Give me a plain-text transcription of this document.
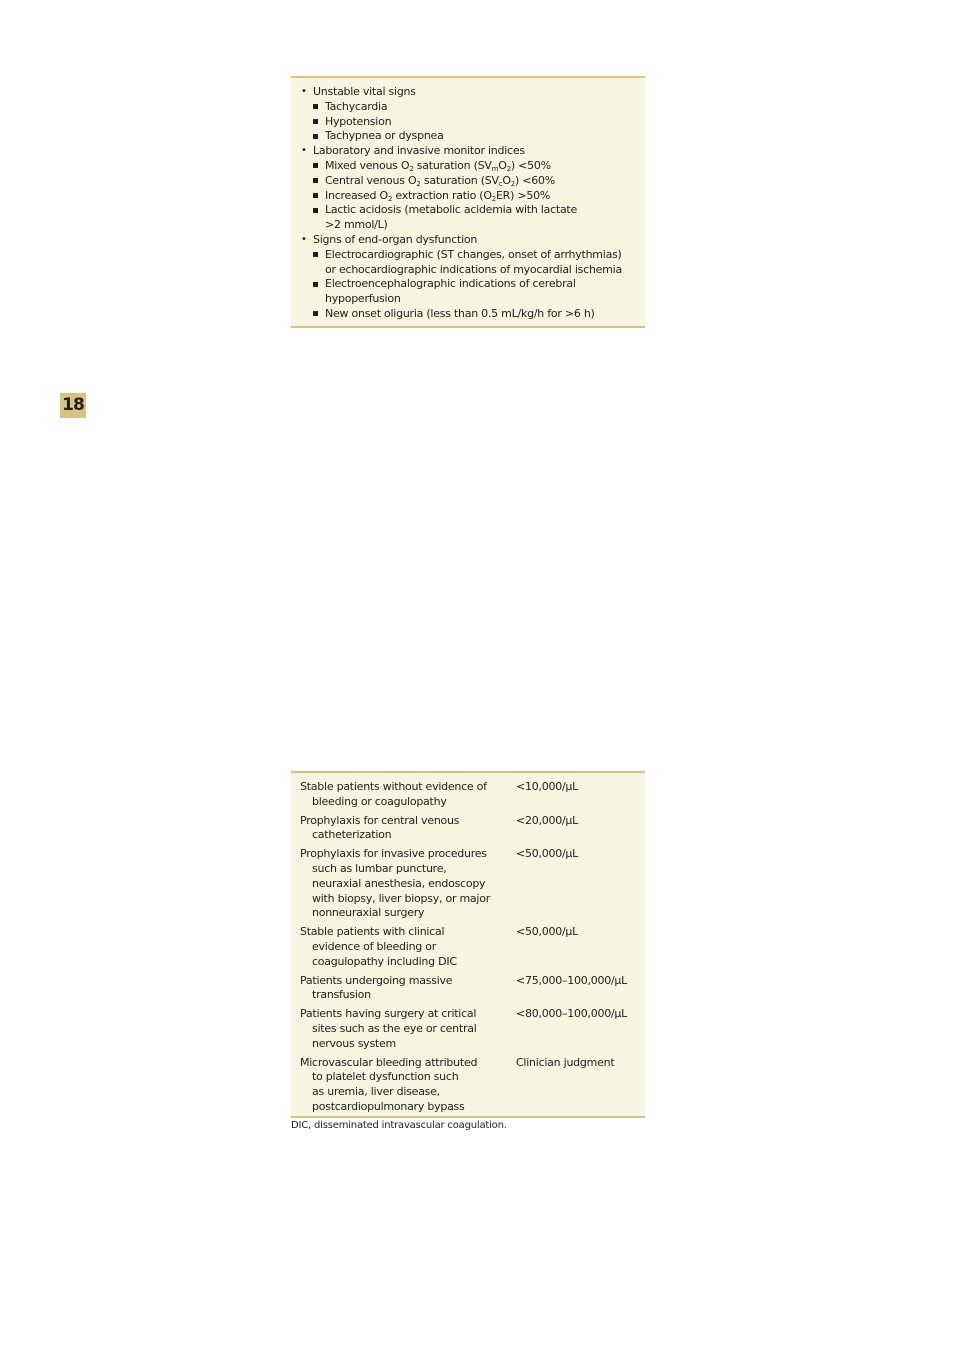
• Unstable vital signs
Tachycardia
Hypotension
Tachypnea or dyspnea
• Laboratory and invasive monitor indices
Mixed venous $O_2$ saturation $(SV_mO_2) <50\%$
Central venous $O_2$ saturation $(SV_cO_2) <60\%$
Increased $O_2$ extraction ratio $(O_2ER) >50\%$
Lactic acidosis (metabolic acidemia with lactate
>2 mmol/L)
• Signs of end-organ dysfunction
Electrocardiographic (ST changes, onset of arrhythmias)
or echocardiographic indications of myocardial ischemia
Electroencephalographic indications of cerebral
hypoperfusion
New onset oliguria (less than 0.5 mL/kg/h for >6 h)
18
Stable patients without evidence of
bleeding or coagulopathy
<10,000/μL
Prophylaxis for central venous
catheterization
<20,000/μL
Prophylaxis for invasive procedures
such as lumbar puncture,
neuraxial anesthesia, endoscopy
with biopsy, liver biopsy, or major
nonneuraxial surgery
<50,000/μL
Stable patients with clinical
evidence of bleeding or
coagulopathy including DIC
<50,000/μL
Patients undergoing massive
transfusion
<75,000–100,000/μL
Patients having surgery at critical
sites such as the eye or central
nervous system
<80,000–100,000/μL
Microvascular bleeding attributed
to platelet dysfunction such
as uremia, liver disease,
postcardiopulmonary bypass
Clinician judgment
DIC, disseminated intravascular coagulation.
